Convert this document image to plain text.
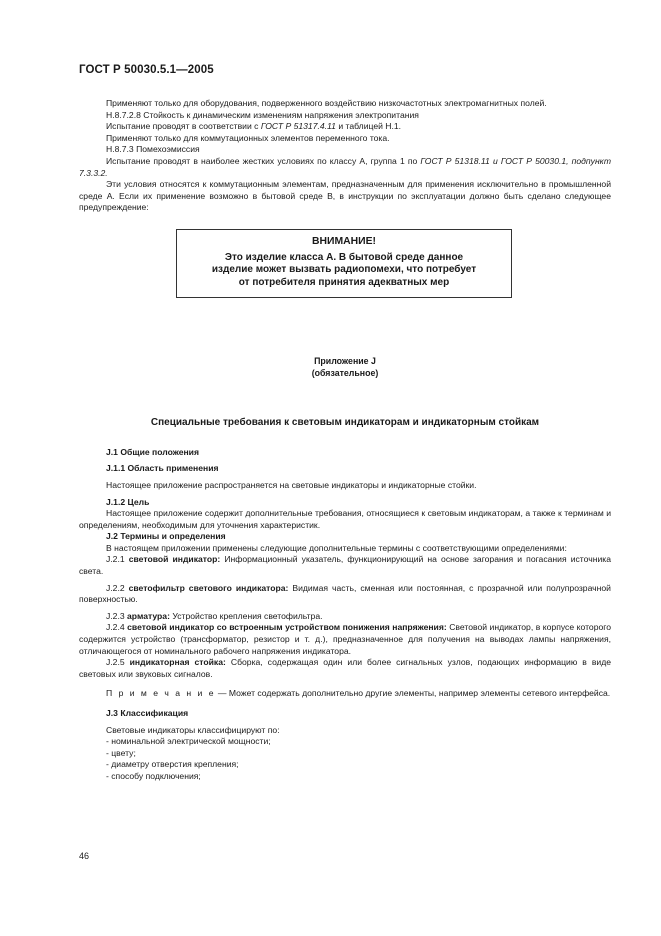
ГОСТ Р 50030.5.1—2005

Применяют только для оборудования, подверженного воздействию низкочастотных электромагнитных полей.

Н.8.7.2.8 Стойкость к динамическим изменениям напряжения электропитания

Испытание проводят в соответствии с ГОСТ Р 51317.4.11 и таблицей Н.1.

Применяют только для коммутационных элементов переменного тока.

Н.8.7.3 Помехоэмиссия

Испытание проводят в наиболее жестких условиях по классу А, группа 1 по ГОСТ Р 51318.11 и ГОСТ Р 50030.1, подпункт 7.3.3.2.

Эти условия относятся к коммутационным элементам, предназначенным для применения исключительно в промышленной среде А. Если их применение возможно в бытовой среде В, в инструкции по эксплуатации должно быть сделано следующее предупреждение:

ВНИМАНИЕ!
Это изделие класса А. В бытовой среде данное
изделие может вызвать радиопомехи, что потребует
от потребителя принятия адекватных мер
Приложение J
(обязательное)
Специальные требования к световым индикаторам и индикаторным стойкам

J.1 Общие положения

J.1.1 Область применения

Настоящее приложение распространяется на световые индикаторы и индикаторные стойки.

J.1.2 Цель

Настоящее приложение содержит дополнительные требования, относящиеся к световым индикаторам, а также к терминам и определениям, необходимым для уточнения характеристик.

J.2 Термины и определения

В настоящем приложении применены следующие дополнительные термины с соответствующими определениями:

J.2.1 световой индикатор: Информационный указатель, функционирующий на основе загорания и погасания источника света.

J.2.2 светофильтр светового индикатора: Видимая часть, сменная или постоянная, с прозрачной или полупрозрачной поверхностью.

J.2.3 арматура: Устройство крепления светофильтра.

J.2.4 световой индикатор со встроенным устройством понижения напряжения: Световой индикатор, в корпусе которого содержится устройство (трансформатор, резистор и т. д.), предназначенное для получения на выводах лампы напряжения, отличающегося от номинального рабочего напряжения индикатора.

J.2.5 индикаторная стойка: Сборка, содержащая один или более сигнальных узлов, подающих информацию в виде световых или звуковых сигналов.

П р и м е ч а н и е — Может содержать дополнительно другие элементы, например элементы сетевого интерфейса.

J.3 Классификация

Световые индикаторы классифицируют по:

- номинальной электрической мощности;

- цвету;

- диаметру отверстия крепления;

- способу подключения;

46
